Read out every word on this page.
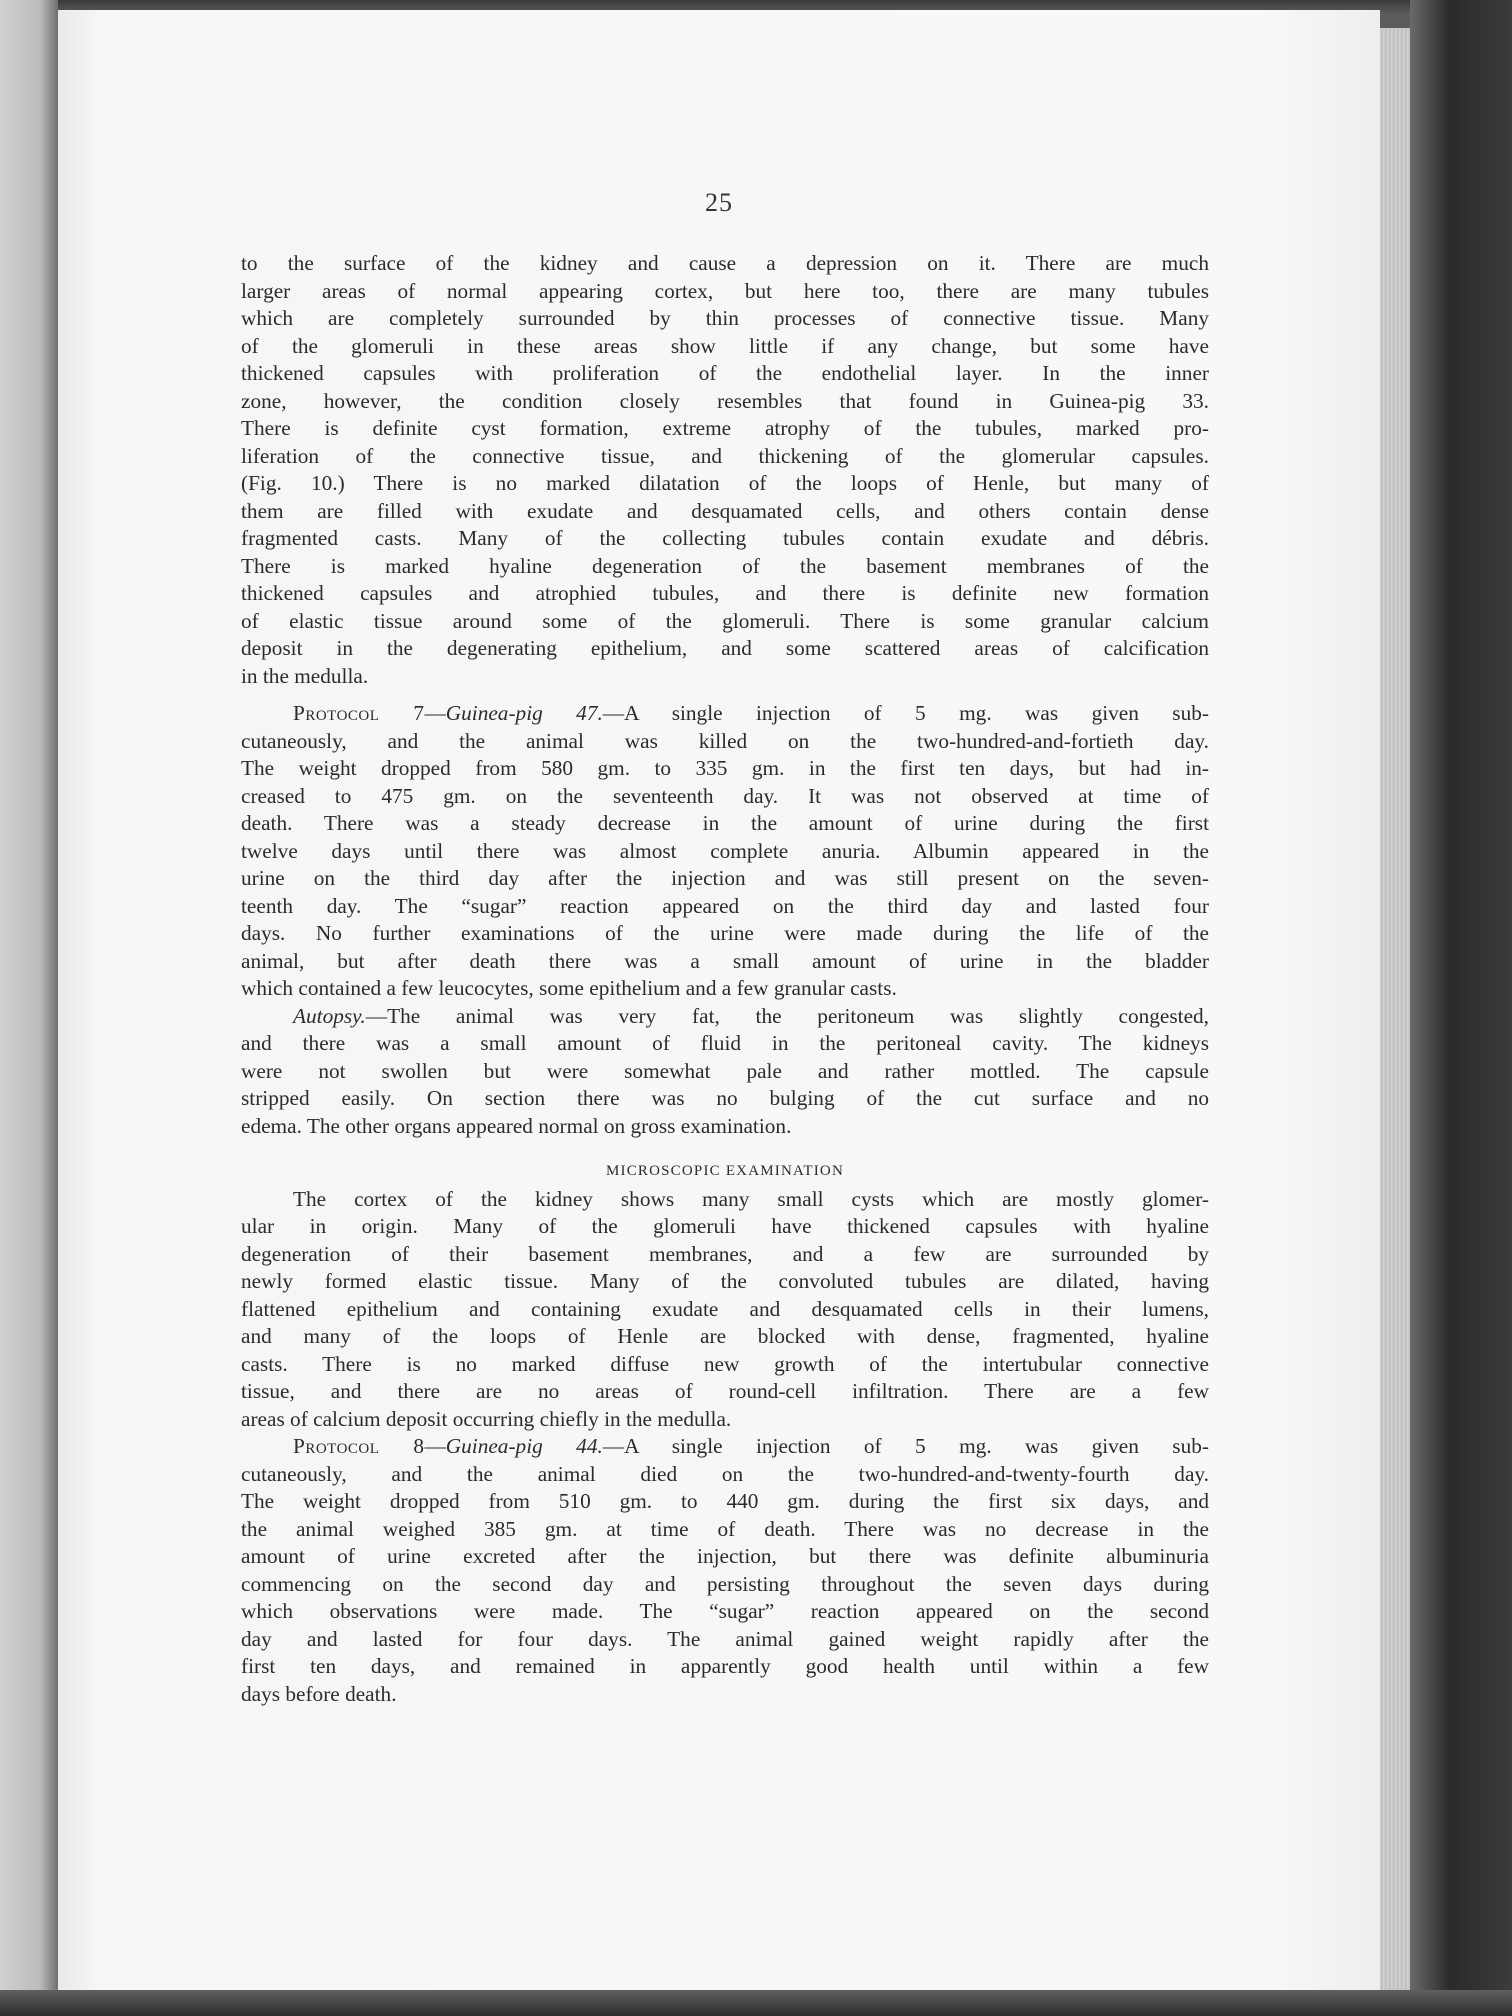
25
to the surface of the kidney and cause a depression on it. There are much
larger areas of normal appearing cortex, but here too, there are many tubules
which are completely surrounded by thin processes of connective tissue. Many
of the glomeruli in these areas show little if any change, but some have
thickened capsules with proliferation of the endothelial layer. In the inner
zone, however, the condition closely resembles that found in Guinea-pig 33.
There is definite cyst formation, extreme atrophy of the tubules, marked pro-
liferation of the connective tissue, and thickening of the glomerular capsules.
(Fig. 10.) There is no marked dilatation of the loops of Henle, but many of
them are filled with exudate and desquamated cells, and others contain dense
fragmented casts. Many of the collecting tubules contain exudate and débris.
There is marked hyaline degeneration of the basement membranes of the
thickened capsules and atrophied tubules, and there is definite new formation
of elastic tissue around some of the glomeruli. There is some granular calcium
deposit in the degenerating epithelium, and some scattered areas of calcification
in the medulla.
Protocol 7—Guinea-pig 47.—A single injection of 5 mg. was given sub-
cutaneously, and the animal was killed on the two-hundred-and-fortieth day.
The weight dropped from 580 gm. to 335 gm. in the first ten days, but had in-
creased to 475 gm. on the seventeenth day. It was not observed at time of
death. There was a steady decrease in the amount of urine during the first
twelve days until there was almost complete anuria. Albumin appeared in the
urine on the third day after the injection and was still present on the seven-
teenth day. The “sugar” reaction appeared on the third day and lasted four
days. No further examinations of the urine were made during the life of the
animal, but after death there was a small amount of urine in the bladder
which contained a few leucocytes, some epithelium and a few granular casts.
Autopsy.—The animal was very fat, the peritoneum was slightly congested,
and there was a small amount of fluid in the peritoneal cavity. The kidneys
were not swollen but were somewhat pale and rather mottled. The capsule
stripped easily. On section there was no bulging of the cut surface and no
edema. The other organs appeared normal on gross examination.
MICROSCOPIC EXAMINATION
The cortex of the kidney shows many small cysts which are mostly glomer-
ular in origin. Many of the glomeruli have thickened capsules with hyaline
degeneration of their basement membranes, and a few are surrounded by
newly formed elastic tissue. Many of the convoluted tubules are dilated, having
flattened epithelium and containing exudate and desquamated cells in their lumens,
and many of the loops of Henle are blocked with dense, fragmented, hyaline
casts. There is no marked diffuse new growth of the intertubular connective
tissue, and there are no areas of round-cell infiltration. There are a few
areas of calcium deposit occurring chiefly in the medulla.
Protocol 8—Guinea-pig 44.—A single injection of 5 mg. was given sub-
cutaneously, and the animal died on the two-hundred-and-twenty-fourth day.
The weight dropped from 510 gm. to 440 gm. during the first six days, and
the animal weighed 385 gm. at time of death. There was no decrease in the
amount of urine excreted after the injection, but there was definite albuminuria
commencing on the second day and persisting throughout the seven days during
which observations were made. The “sugar” reaction appeared on the second
day and lasted for four days. The animal gained weight rapidly after the
first ten days, and remained in apparently good health until within a few
days before death.
